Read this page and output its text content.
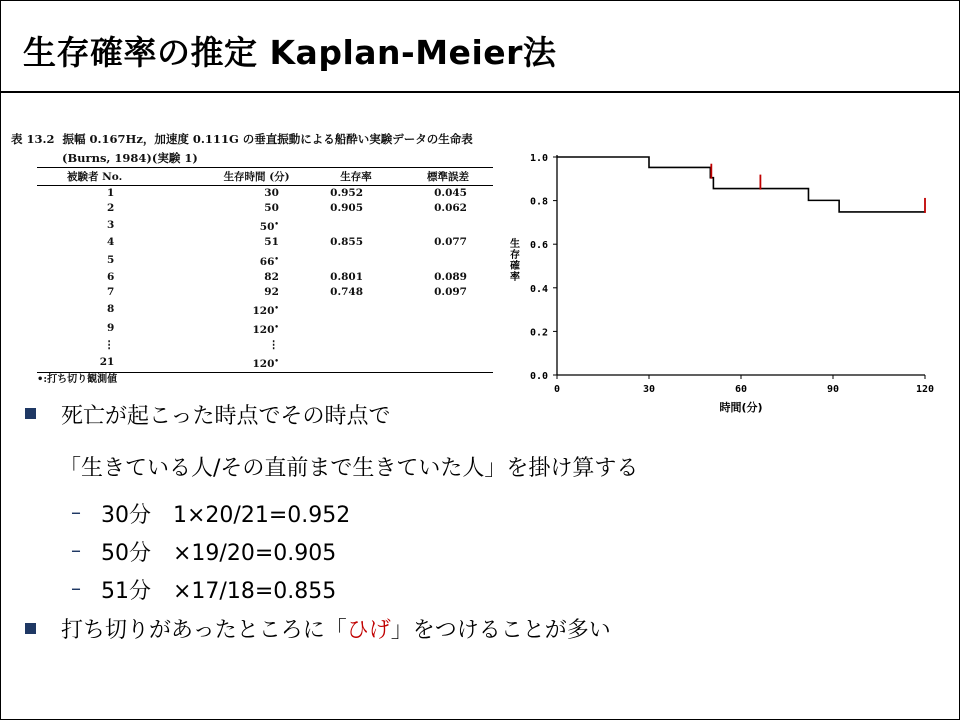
生存確率の推定 Kaplan-Meier法
表 13.2 振幅 0.167Hz，加速度 0.111G の垂直振動による船酔い実験データの生命表
(Burns, 1984)(実験 1)
被験者 No.	生存時間 (分)	生存率	標準誤差
1	30	0.952	0.045
2	50	0.905	0.062
3	50•		
4	51	0.855	0.077
5	66•		
6	82	0.801	0.089
7	92	0.748	0.097
8	120•		
9	120•		
⋮	⋮		
21	120•		
•:打ち切り観測値	0.0
0.2
0.4
0.6
0.8
1.0
0	30	60	90	120
時間(分)
生存確率
死亡が起こった時点でその時点で
「生きている人/その直前まで生きていた人」を掛け算する
– 30分　1×20/21=0.952
– 50分　×19/20=0.905
– 51分　×17/18=0.855
打ち切りがあったところに「ひげ」をつけることが多い
